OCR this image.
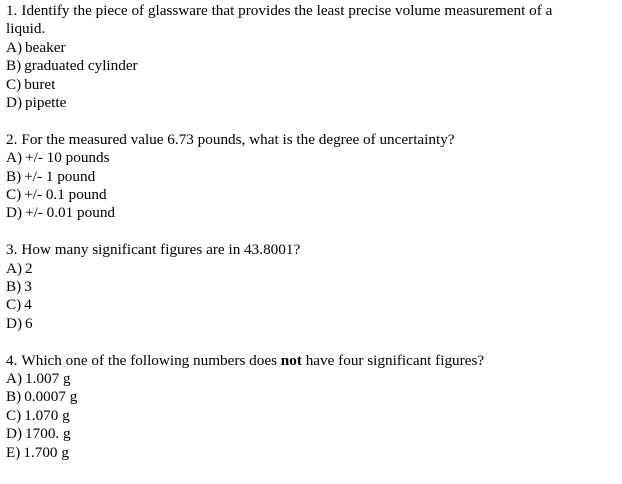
1. Identify the piece of glassware that provides the least precise volume measurement of a liquid.

A) beaker
B) graduated cylinder
C) buret
D) pipette

2. For the measured value 6.73 pounds, what is the degree of uncertainty?

A) +/- 10 pounds
B) +/- 1 pound
C) +/- 0.1 pound
D) +/- 0.01 pound

3. How many significant figures are in 43.8001?

A) 2
B) 3
C) 4
D) 6

4. Which one of the following numbers does not have four significant figures?

A) 1.007 g
B) 0.0007 g
C) 1.070 g
D) 1700. g
E) 1.700 g
